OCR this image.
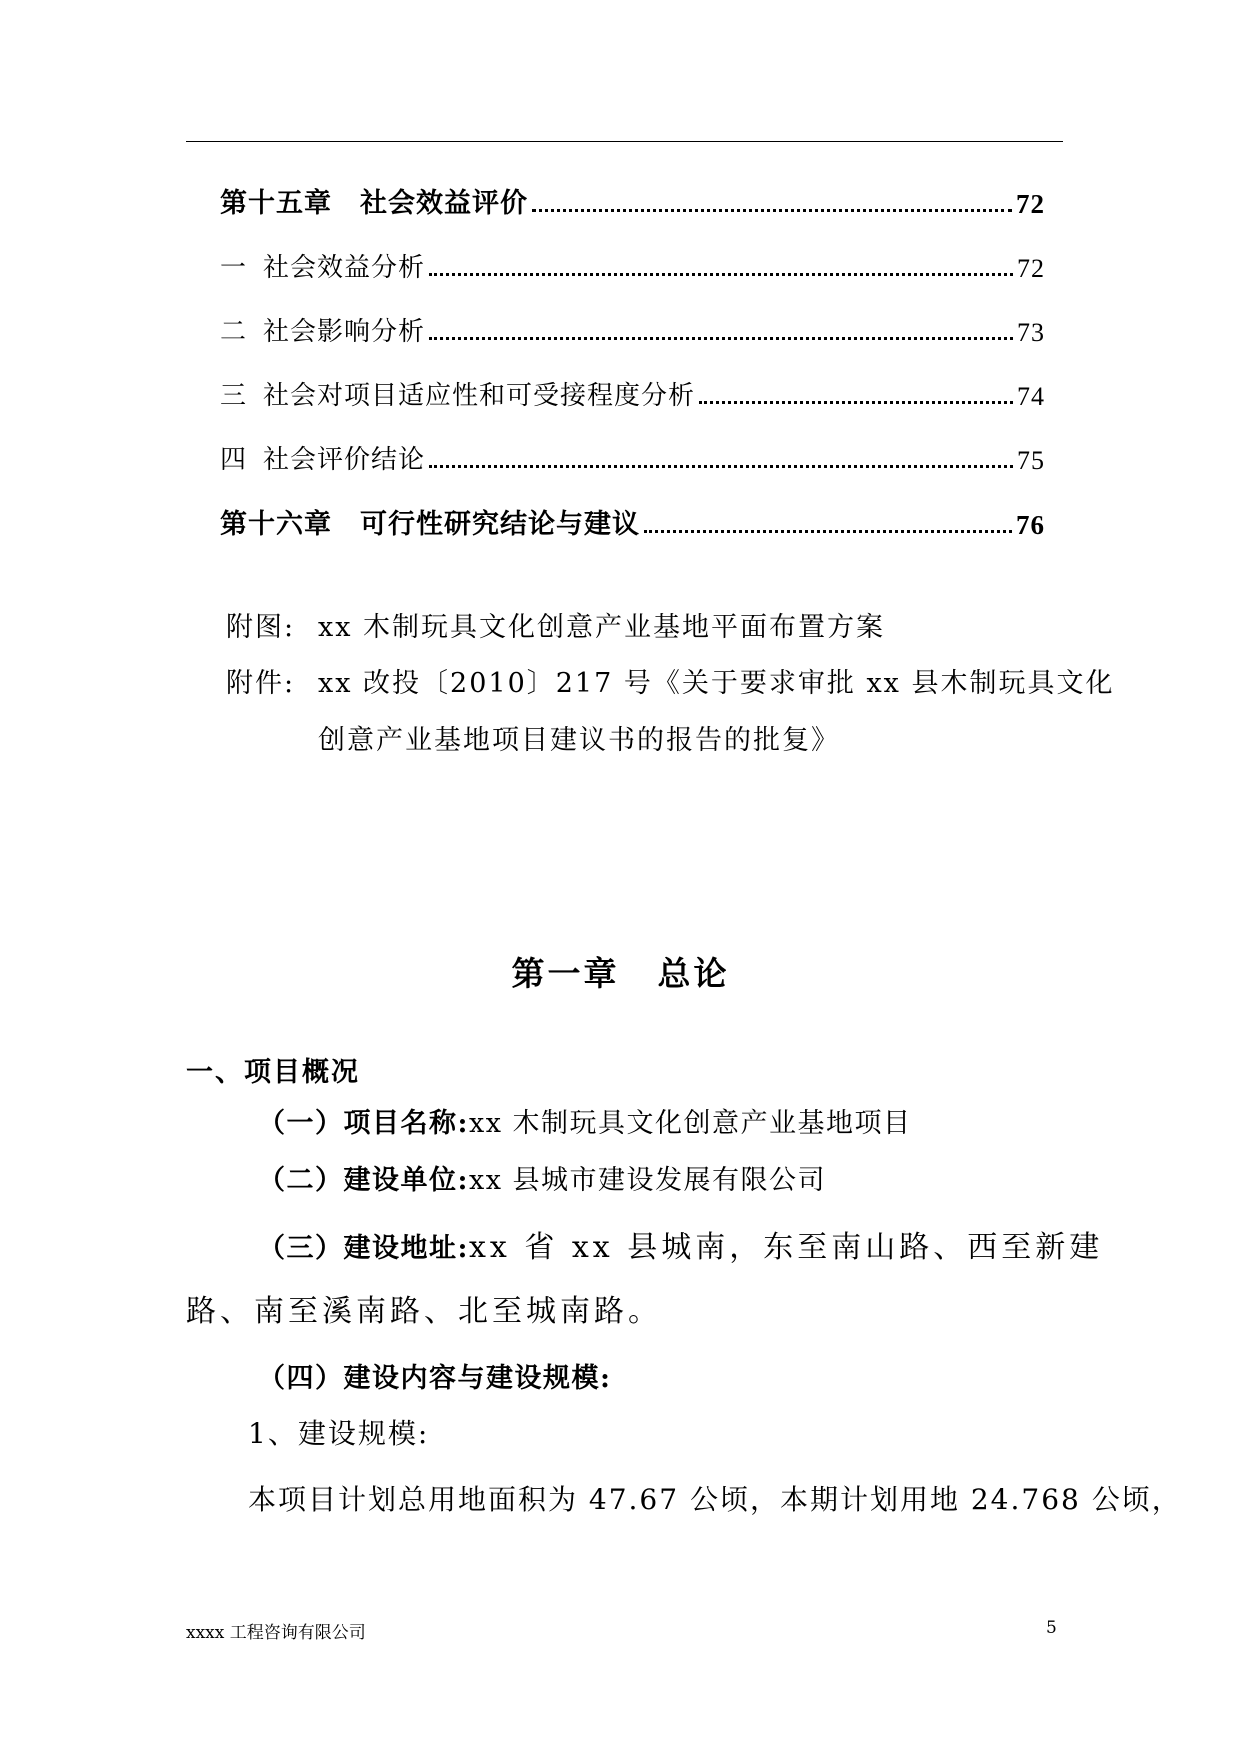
第十五章 社会效益评价	72
一 社会效益分析	72
二 社会影响分析	73
三 社会对项目适应性和可受接程度分析	74
四 社会评价结论	75
第十六章 可行性研究结论与建议	76
附图: xx 木制玩具文化创意产业基地平面布置方案
附件: xx 改投〔2010〕217 号《关于要求审批 xx 县木制玩具文化
创意产业基地项目建议书的报告的批复》
第一章 总论
一、项目概况
（一）项目名称:xx 木制玩具文化创意产业基地项目
（二）建设单位:xx 县城市建设发展有限公司
（三）建设地址:xx 省 xx 县城南，东至南山路、西至新建
路、南至溪南路、北至城南路。
（四）建设内容与建设规模:
1、建设规模:
本项目计划总用地面积为 47.67 公顷，本期计划用地 24.768 公顷，
xxxx 工程咨询有限公司	5
